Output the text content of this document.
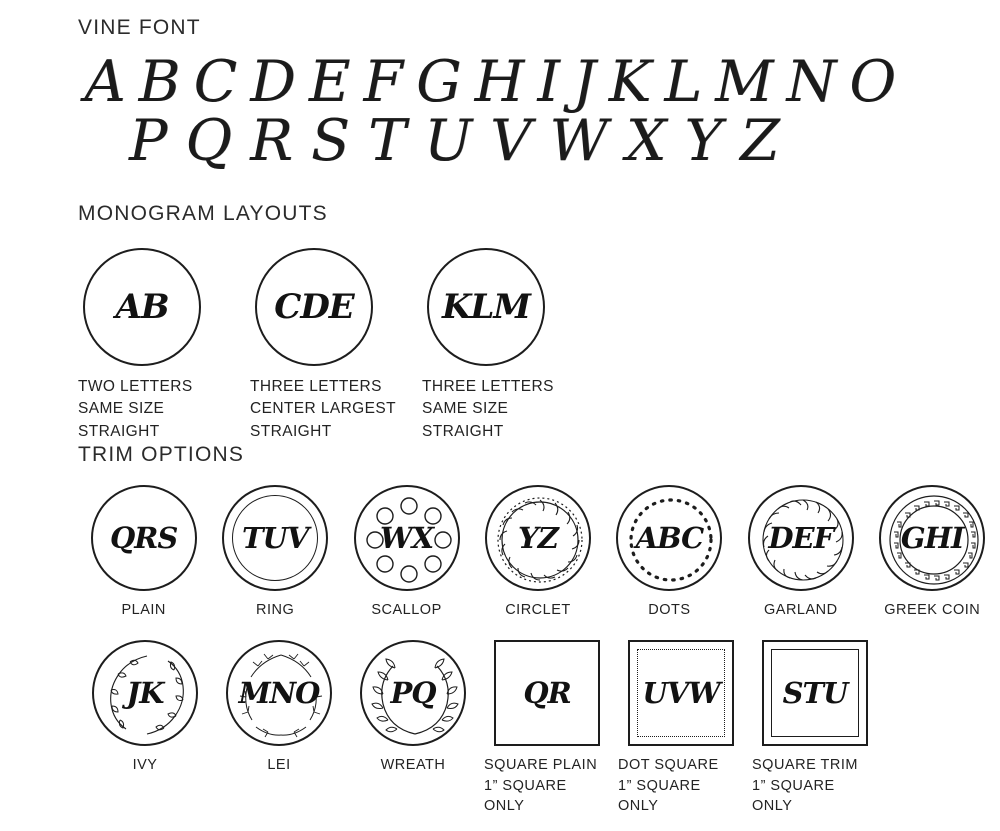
VINE FONT
A B C D E F G H I J K L M N O
P Q R S T U V W X Y Z
MONOGRAM LAYOUTS
AB
TWO LETTERS
SAME SIZE
STRAIGHT
CDE
THREE LETTERS
CENTER LARGEST
STRAIGHT
KLM
THREE LETTERS
SAME SIZE
STRAIGHT
TRIM OPTIONS
QRS
PLAIN
TUV
RING
WX
SCALLOP
YZ
CIRCLET
ABC
DOTS
DEF
GARLAND
GHI
GREEK COIN
JK
IVY
MNO
LEI
PQ
WREATH
QR
SQUARE PLAIN
1” SQUARE
ONLY
UVW
DOT SQUARE
1” SQUARE
ONLY
STU
SQUARE TRIM
1” SQUARE
ONLY
